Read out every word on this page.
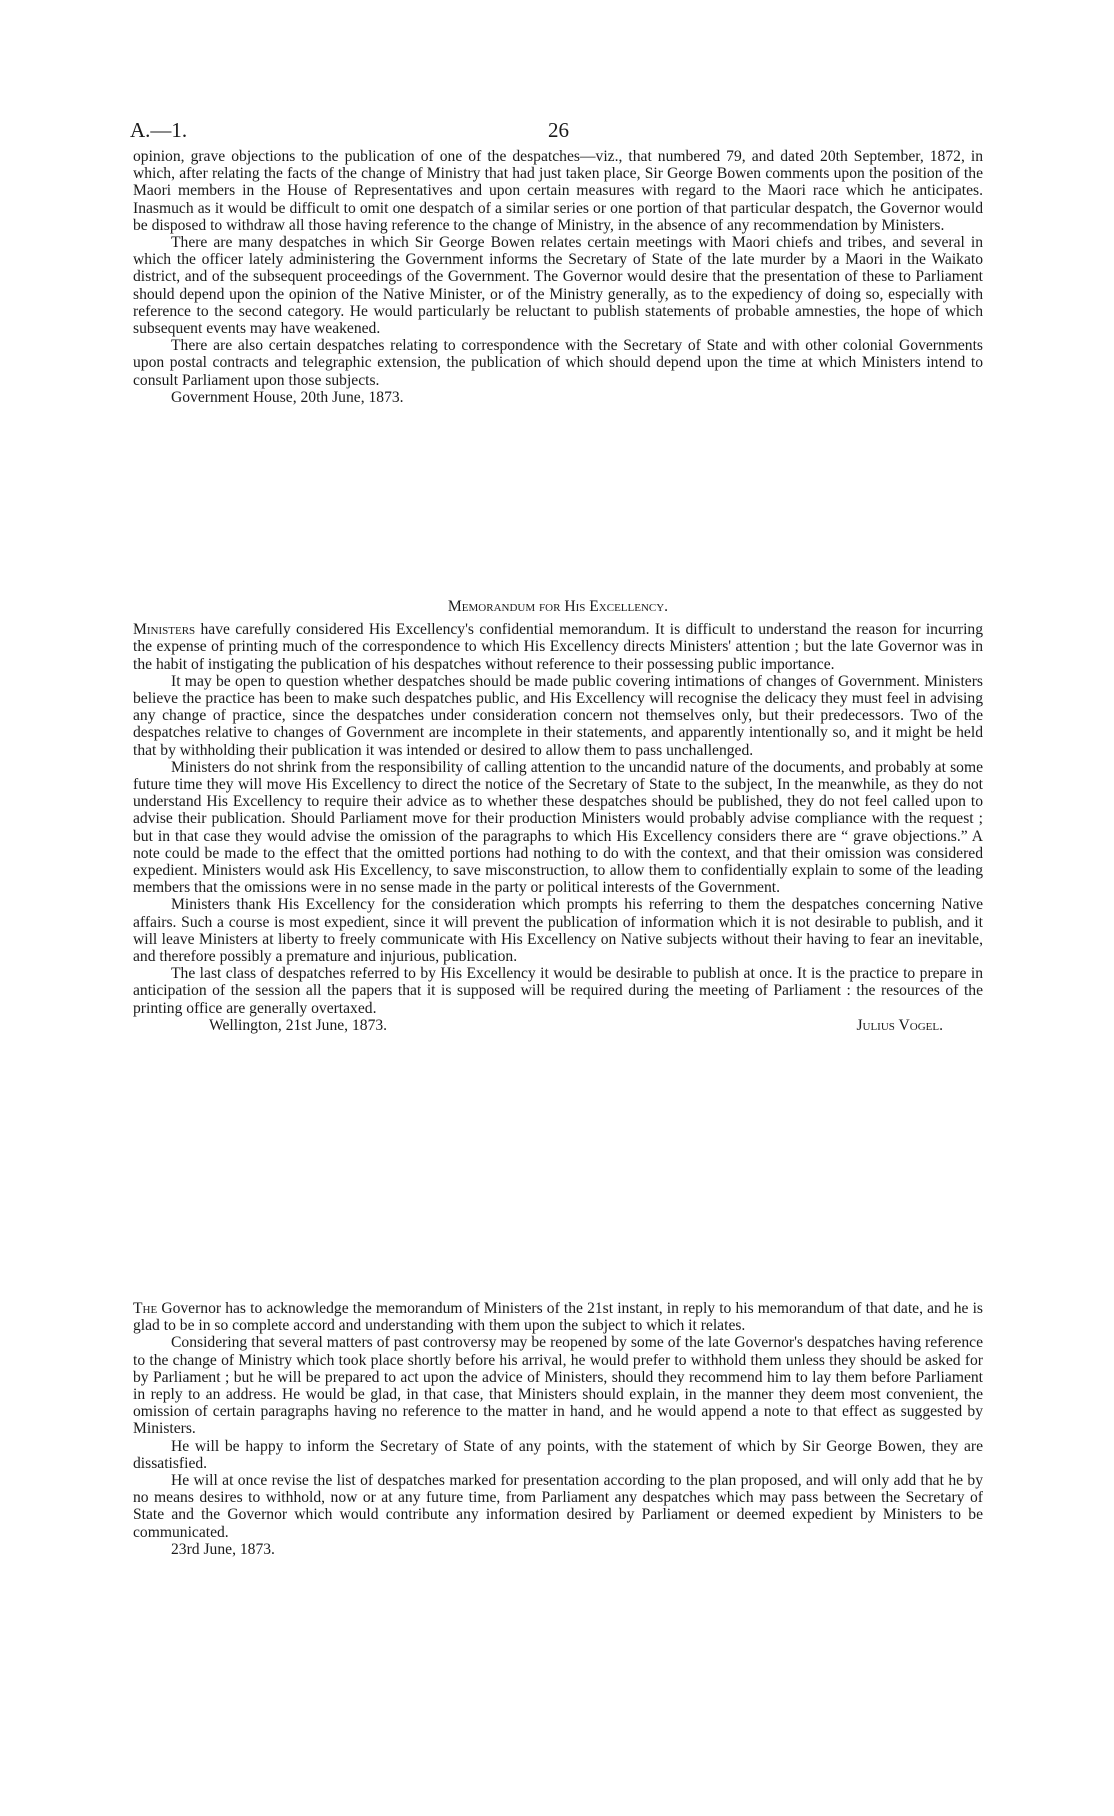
A.—1.	26

opinion, grave objections to the publication of one of the despatches—viz., that numbered 79, and dated 20th September, 1872, in which, after relating the facts of the change of Ministry that had just taken place, Sir George Bowen comments upon the position of the Maori members in the House of Representatives and upon certain measures with regard to the Maori race which he anticipates. Inasmuch as it would be difficult to omit one despatch of a similar series or one portion of that particular despatch, the Governor would be disposed to withdraw all those having reference to the change of Ministry, in the absence of any recommendation by Ministers.

There are many despatches in which Sir George Bowen relates certain meetings with Maori chiefs and tribes, and several in which the officer lately administering the Government informs the Secretary of State of the late murder by a Maori in the Waikato district, and of the subsequent proceedings of the Government. The Governor would desire that the presentation of these to Parliament should depend upon the opinion of the Native Minister, or of the Ministry generally, as to the expediency of doing so, especially with reference to the second category. He would particularly be reluctant to publish statements of probable amnesties, the hope of which subsequent events may have weakened.

There are also certain despatches relating to correspondence with the Secretary of State and with other colonial Governments upon postal contracts and telegraphic extension, the publication of which should depend upon the time at which Ministers intend to consult Parliament upon those subjects.

Government House, 20th June, 1873.

Memorandum for His Excellency.

Ministers have carefully considered His Excellency's confidential memorandum. It is difficult to understand the reason for incurring the expense of printing much of the correspondence to which His Excellency directs Ministers' attention ; but the late Governor was in the habit of instigating the publication of his despatches without reference to their possessing public importance.

It may be open to question whether despatches should be made public covering intimations of changes of Government. Ministers believe the practice has been to make such despatches public, and His Excellency will recognise the delicacy they must feel in advising any change of practice, since the despatches under consideration concern not themselves only, but their predecessors. Two of the despatches relative to changes of Government are incomplete in their statements, and apparently intentionally so, and it might be held that by withholding their publication it was intended or desired to allow them to pass unchallenged.

Ministers do not shrink from the responsibility of calling attention to the uncandid nature of the documents, and probably at some future time they will move His Excellency to direct the notice of the Secretary of State to the subject, In the meanwhile, as they do not understand His Excellency to require their advice as to whether these despatches should be published, they do not feel called upon to advise their publication. Should Parliament move for their production Ministers would probably advise compliance with the request ; but in that case they would advise the omission of the paragraphs to which His Excellency considers there are “ grave objections.” A note could be made to the effect that the omitted portions had nothing to do with the context, and that their omission was considered expedient. Ministers would ask His Excellency, to save misconstruction, to allow them to confidentially explain to some of the leading members that the omissions were in no sense made in the party or political interests of the Government.

Ministers thank His Excellency for the consideration which prompts his referring to them the despatches concerning Native affairs. Such a course is most expedient, since it will prevent the publication of information which it is not desirable to publish, and it will leave Ministers at liberty to freely communicate with His Excellency on Native subjects without their having to fear an inevitable, and therefore possibly a premature and injurious, publication.

The last class of despatches referred to by His Excellency it would be desirable to publish at once. It is the practice to prepare in anticipation of the session all the papers that it is supposed will be required during the meeting of Parliament : the resources of the printing office are generally overtaxed.

Wellington, 21st June, 1873.	Julius Vogel.

The Governor has to acknowledge the memorandum of Ministers of the 21st instant, in reply to his memorandum of that date, and he is glad to be in so complete accord and understanding with them upon the subject to which it relates.

Considering that several matters of past controversy may be reopened by some of the late Governor's despatches having reference to the change of Ministry which took place shortly before his arrival, he would prefer to withhold them unless they should be asked for by Parliament ; but he will be prepared to act upon the advice of Ministers, should they recommend him to lay them before Parliament in reply to an address. He would be glad, in that case, that Ministers should explain, in the manner they deem most convenient, the omission of certain paragraphs having no reference to the matter in hand, and he would append a note to that effect as suggested by Ministers.

He will be happy to inform the Secretary of State of any points, with the statement of which by Sir George Bowen, they are dissatisfied.

He will at once revise the list of despatches marked for presentation according to the plan proposed, and will only add that he by no means desires to withhold, now or at any future time, from Parliament any despatches which may pass between the Secretary of State and the Governor which would contribute any information desired by Parliament or deemed expedient by Ministers to be communicated.

23rd June, 1873.
